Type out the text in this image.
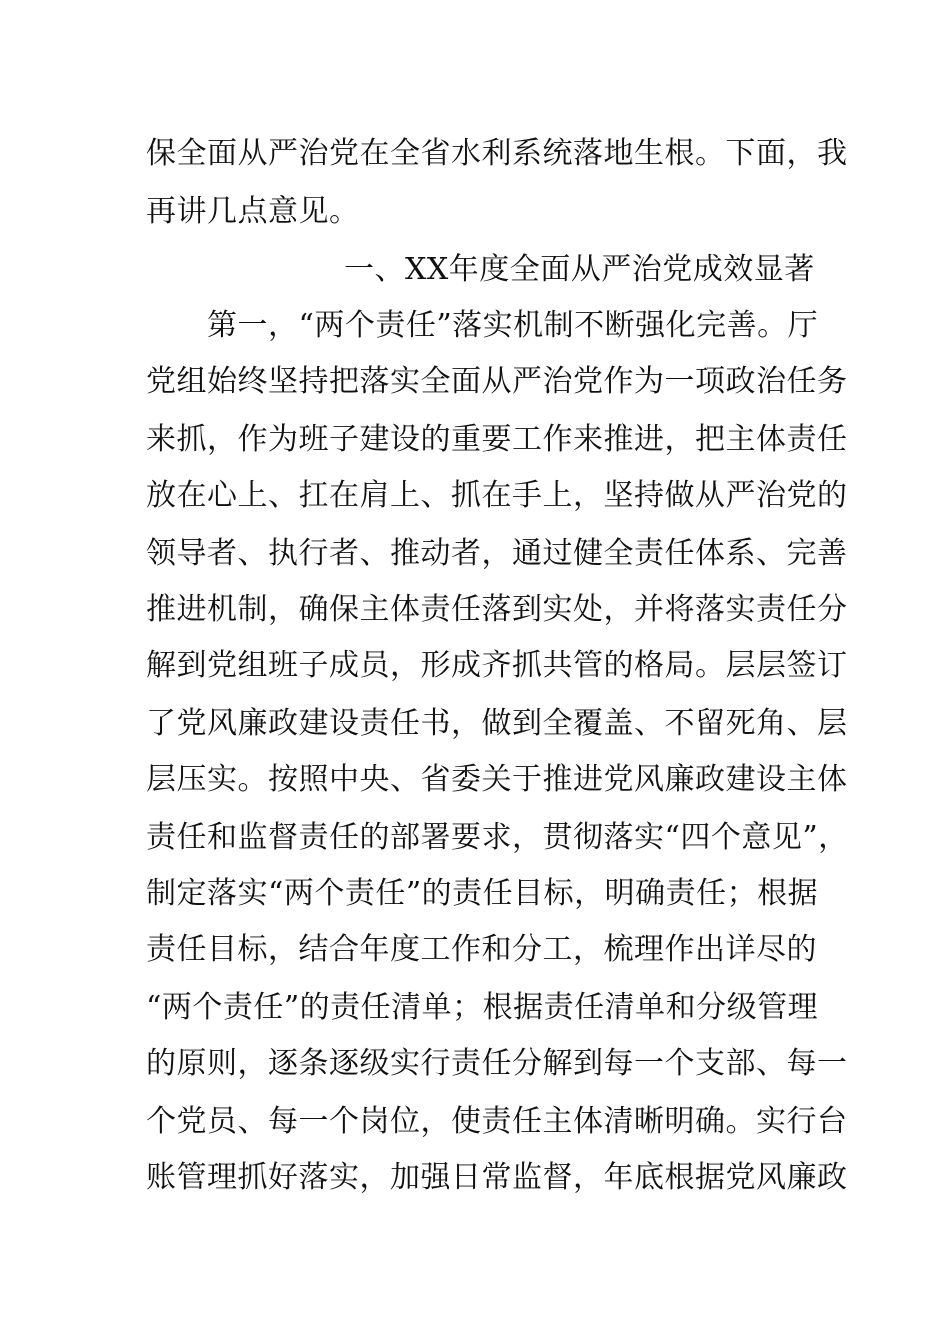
保全面从严治党在全省水利系统落地生根。下面，我
再讲几点意见。
一、XX年度全面从严治党成效显著
　　第一，“两个责任”落实机制不断强化完善。厅
党组始终坚持把落实全面从严治党作为一项政治任务
来抓，作为班子建设的重要工作来推进，把主体责任
放在心上、扛在肩上、抓在手上，坚持做从严治党的
领导者、执行者、推动者，通过健全责任体系、完善
推进机制，确保主体责任落到实处，并将落实责任分
解到党组班子成员，形成齐抓共管的格局。层层签订
了党风廉政建设责任书，做到全覆盖、不留死角、层
层压实。按照中央、省委关于推进党风廉政建设主体
责任和监督责任的部署要求，贯彻落实“四个意见”，
制定落实“两个责任”的责任目标，明确责任；根据
责任目标，结合年度工作和分工，梳理作出详尽的
“两个责任”的责任清单；根据责任清单和分级管理
的原则，逐条逐级实行责任分解到每一个支部、每一
个党员、每一个岗位，使责任主体清晰明确。实行台
账管理抓好落实，加强日常监督，年底根据党风廉政
